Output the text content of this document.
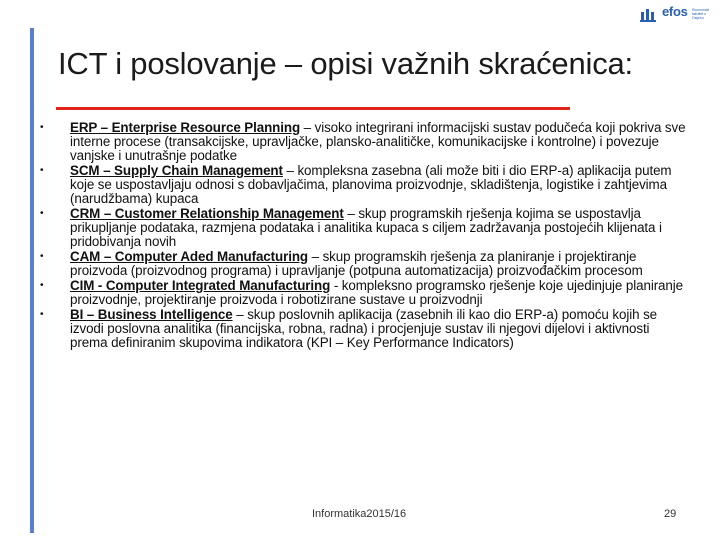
efos Ekonomski fakultet u Osijeku
ICT i poslovanje – opisi važnih skraćenica:
• ERP – Enterprise Resource Planning – visoko integrirani informacijski sustav podučeća koji pokriva sve interne procese (transakcijske, upravljačke, plansko-analitičke, komunikacijske i kontrolne) i povezuje vanjske i unutrašnje podatke
• SCM – Supply Chain Management – kompleksna zasebna (ali može biti i dio ERP-a) aplikacija putem koje se uspostavljaju odnosi s dobavljačima, planovima proizvodnje, skladištenja, logistike i zahtjevima (narudžbama) kupaca
• CRM – Customer Relationship Management – skup programskih rješenja kojima se uspostavlja prikupljanje podataka, razmjena podataka i analitika kupaca s ciljem zadržavanja postojećih klijenata i pridobivanja novih
• CAM – Computer Aded Manufacturing – skup programskih rješenja za planiranje i projektiranje proizvoda (proizvodnog programa) i upravljanje (potpuna automatizacija) proizvođačkim procesom
• CIM - Computer Integrated Manufacturing - kompleksno programsko rješenje koje ujedinjuje planiranje proizvodnje, projektiranje proizvoda i robotizirane sustave u proizvodnji
• BI – Business Intelligence – skup poslovnih aplikacija (zasebnih ili kao dio ERP-a) pomoću kojih se izvodi poslovna analitika (financijska, robna, radna) i procjenjuje sustav ili njegovi dijelovi i aktivnosti prema definiranim skupovima indikatora (KPI – Key Performance Indicators)
Informatika2015/16	29
